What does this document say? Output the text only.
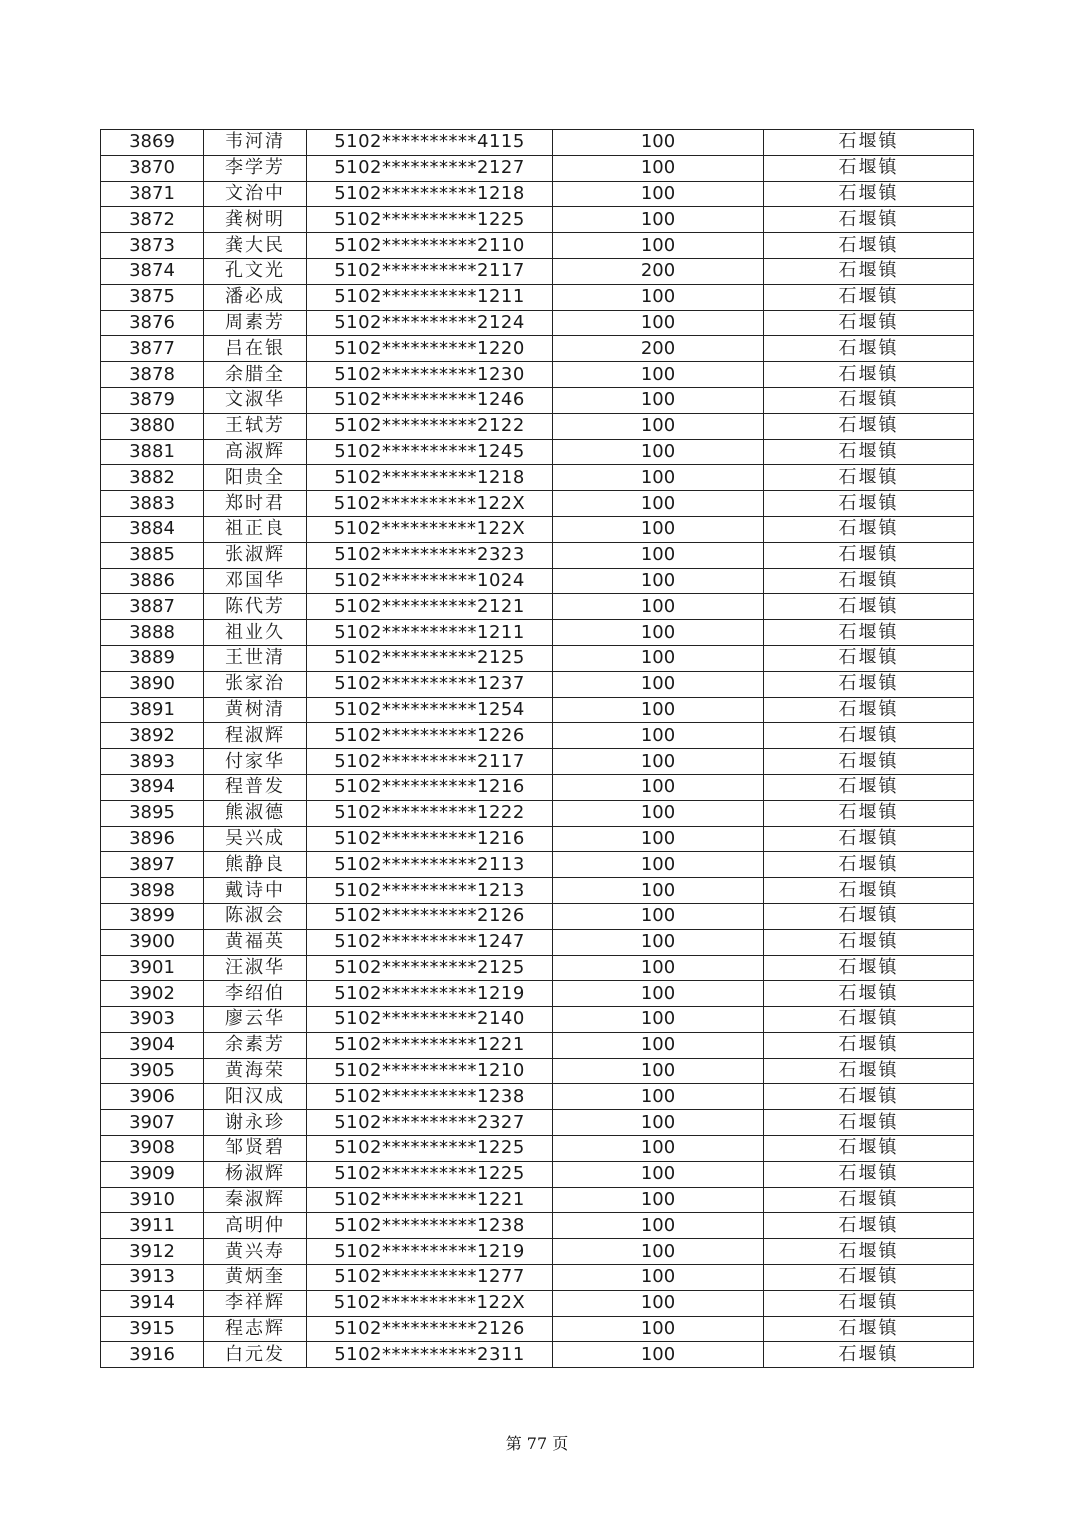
3869	韦河清	5102**********4115	100	石堰镇
3870	李学芳	5102**********2127	100	石堰镇
3871	文治中	5102**********1218	100	石堰镇
3872	龚树明	5102**********1225	100	石堰镇
3873	龚大民	5102**********2110	100	石堰镇
3874	孔文光	5102**********2117	200	石堰镇
3875	潘必成	5102**********1211	100	石堰镇
3876	周素芳	5102**********2124	100	石堰镇
3877	吕在银	5102**********1220	200	石堰镇
3878	余腊全	5102**********1230	100	石堰镇
3879	文淑华	5102**********1246	100	石堰镇
3880	王轼芳	5102**********2122	100	石堰镇
3881	高淑辉	5102**********1245	100	石堰镇
3882	阳贵全	5102**********1218	100	石堰镇
3883	郑时君	5102**********122X	100	石堰镇
3884	祖正良	5102**********122X	100	石堰镇
3885	张淑辉	5102**********2323	100	石堰镇
3886	邓国华	5102**********1024	100	石堰镇
3887	陈代芳	5102**********2121	100	石堰镇
3888	祖业久	5102**********1211	100	石堰镇
3889	王世清	5102**********2125	100	石堰镇
3890	张家治	5102**********1237	100	石堰镇
3891	黄树清	5102**********1254	100	石堰镇
3892	程淑辉	5102**********1226	100	石堰镇
3893	付家华	5102**********2117	100	石堰镇
3894	程普发	5102**********1216	100	石堰镇
3895	熊淑德	5102**********1222	100	石堰镇
3896	吴兴成	5102**********1216	100	石堰镇
3897	熊静良	5102**********2113	100	石堰镇
3898	戴诗中	5102**********1213	100	石堰镇
3899	陈淑会	5102**********2126	100	石堰镇
3900	黄福英	5102**********1247	100	石堰镇
3901	汪淑华	5102**********2125	100	石堰镇
3902	李绍伯	5102**********1219	100	石堰镇
3903	廖云华	5102**********2140	100	石堰镇
3904	余素芳	5102**********1221	100	石堰镇
3905	黄海荣	5102**********1210	100	石堰镇
3906	阳汉成	5102**********1238	100	石堰镇
3907	谢永珍	5102**********2327	100	石堰镇
3908	邹贤碧	5102**********1225	100	石堰镇
3909	杨淑辉	5102**********1225	100	石堰镇
3910	秦淑辉	5102**********1221	100	石堰镇
3911	高明仲	5102**********1238	100	石堰镇
3912	黄兴寿	5102**********1219	100	石堰镇
3913	黄炳奎	5102**********1277	100	石堰镇
3914	李祥辉	5102**********122X	100	石堰镇
3915	程志辉	5102**********2126	100	石堰镇
3916	白元发	5102**********2311	100	石堰镇
第 77 页
